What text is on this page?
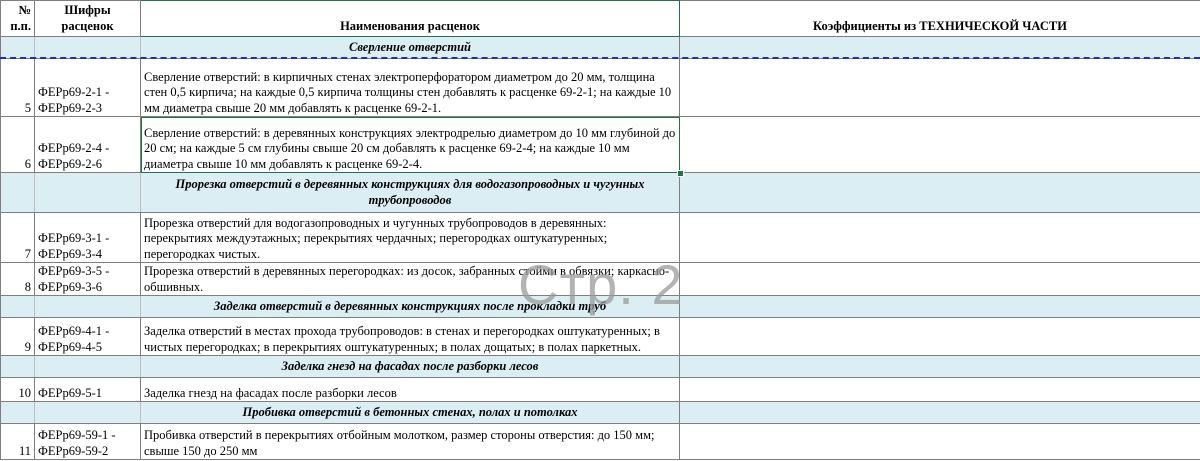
№ п.п.	Шифры расценок	Наименования расценок	Коэффициенты из ТЕХНИЧЕСКОЙ ЧАСТИ
		Сверление отверстий	
5	ФЕРр69-2-1 -
ФЕРр69-2-3	Сверление отверстий: в кирпичных стенах электроперфоратором диаметром до 20 мм, толщина стен 0,5 кирпича; на каждые 0,5 кирпича толщины стен добавлять к расценке 69-2-1; на каждые 10 мм диаметра свыше 20 мм добавлять к расценке 69-2-1.	
6	ФЕРр69-2-4 -
ФЕРр69-2-6	Сверление отверстий: в деревянных конструкциях электродрелью диаметром до 10 мм глубиной до 20 см; на каждые 5 см глубины свыше 20 см добавлять к расценке 69-2-4; на каждые 10 мм диаметра свыше 10 мм добавлять к расценке 69-2-4.	
		Прорезка отверстий в деревянных конструкциях для водогазопроводных и чугунных трубопроводов	
7	ФЕРр69-3-1 -
ФЕРр69-3-4	Прорезка отверстий для водогазопроводных и чугунных трубопроводов в деревянных: перекрытиях междуэтажных; перекрытиях чердачных; перегородках оштукатуренных; перегородках чистых.	
8	ФЕРр69-3-5 -
ФЕРр69-3-6	Прорезка отверстий в деревянных перегородках: из досок, забранных стойми в обвязки; каркасно-обшивных.	
		Заделка отверстий в деревянных конструкциях после прокладки труб	
9	ФЕРр69-4-1 -
ФЕРр69-4-5	Заделка отверстий в местах прохода трубопроводов: в стенах и перегородках оштукатуренных; в чистых перегородках; в перекрытиях оштукатуренных; в полах дощатых; в полах паркетных.	
		Заделка гнезд на фасадах после разборки лесов	
10	ФЕРр69-5-1	Заделка гнезд на фасадах после разборки лесов	
		Пробивка отверстий в бетонных стенах, полах и потолках	
11	ФЕРр69-59-1 -
ФЕРр69-59-2	Пробивка отверстий в перекрытиях отбойным молотком, размер стороны отверстия: до 150 мм; свыше 150 до 250 мм	
Стр. 2
